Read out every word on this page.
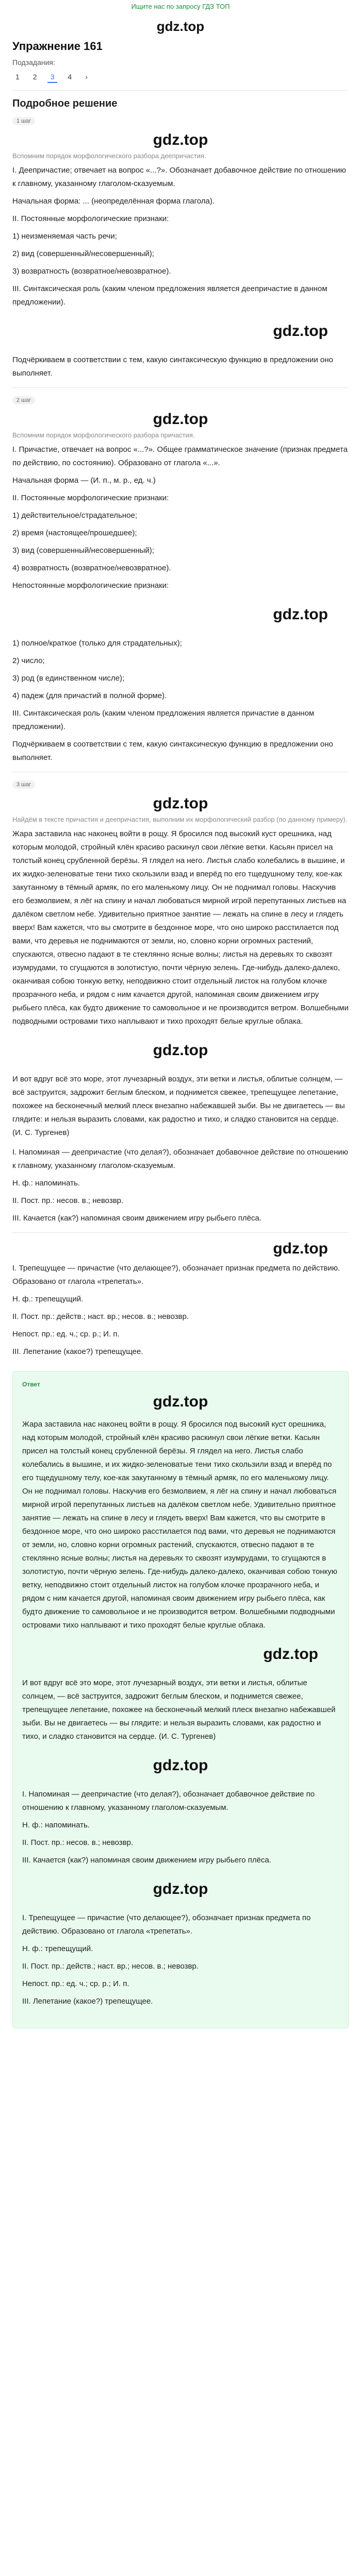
Ищите нас по запросу ГДЗ ТОП
gdz.top
Упражнение 161
Подзадания:
1	2	3	4	›
Подробное решение
1 шаг
gdz.top
Вспомним порядок морфологического разбора деепричастия.
I. Деепричастие; отвечает на вопрос «...?». Обозначает добавочное действие по отношению к главному, указанному глаголом-сказуемым.
Начальная форма: ... (неопределённая форма глагола).
II. Постоянные морфологические признаки:
1) неизменяемая часть речи;
2) вид (совершенный/несовершенный);
3) возвратность (возвратное/невозвратное).
III. Синтаксическая роль (каким членом предложения является деепричастие в данном предложении).
gdz.top
Подчёркиваем в соответствии с тем, какую синтаксическую функцию в предложении оно выполняет.
2 шаг
gdz.top
Вспомним порядок морфологического разбора причастия.
I. Причастие, отвечает на вопрос «...?». Общее грамматическое значение (признак предмета по действию, по состоянию). Образовано от глагола «...».
Начальная форма — (И. п., м. р., ед. ч.)
II. Постоянные морфологические признаки:
1) действительное/страдательное;
2) время (настоящее/прошедшее);
3) вид (совершенный/несовершенный);
4) возвратность (возвратное/невозвратное).
Непостоянные морфологические признаки:
gdz.top
1) полное/краткое (только для страдательных);
2) число;
3) род (в единственном числе);
4) падеж (для причастий в полной форме).
III. Синтаксическая роль (каким членом предложения является причастие в данном предложении).
Подчёркиваем в соответствии с тем, какую синтаксическую функцию в предложении оно выполняет.
3 шаг
gdz.top
Найдём в тексте причастия и деепричастия, выполним их морфологический разбор (по данному примеру).
Жара заставила нас наконец войти в рощу. Я бросился под высокий куст орешника, над которым молодой, стройный клён красиво раскинул свои лёгкие ветки. Касьян присел на толстый конец срубленной берёзы. Я глядел на него. Листья слабо колебались в вышине, и их жидко-зеленоватые тени тихо скользили взад и вперёд по его тщедушному телу, кое-как закутанному в тёмный армяк, по его маленькому лицу. Он не поднимал головы. Наскучив его безмолвием, я лёг на спину и начал любоваться мирной игрой перепутанных листьев на далёком светлом небе. Удивительно приятное занятие — лежать на спине в лесу и глядеть вверх! Вам кажется, что вы смотрите в бездонное море, что оно широко расстилается под вами, что деревья не поднимаются от земли, но, словно корни огромных растений, спускаются, отвесно падают в те стеклянно ясные волны; листья на деревьях то сквозят изумрудами, то сгущаются в золотистую, почти чёрную зелень. Где-нибудь далеко-далеко, оканчивая собою тонкую ветку, неподвижно стоит отдельный листок на голубом клочке прозрачного неба, и рядом с ним качается другой, напоминая своим движением игру рыбьего плёса, как будто движение то самовольное и не производится ветром. Волшебными подводными островами тихо наплывают и тихо проходят белые круглые облака.
gdz.top
И вот вдруг всё это море, этот лучезарный воздух, эти ветки и листья, облитые солнцем, — всё заструится, задрожит беглым блеском, и поднимется свежее, трепещущее лепетание, похожее на бесконечный мелкий плеск внезапно набежавшей зыби. Вы не двигаетесь — вы глядите: и нельзя выразить словами, как радостно и тихо, и сладко становится на сердце. (И. С. Тургенев)
I. Напоминая — деепричастие (что делая?), обозначает добавочное действие по отношению к главному, указанному глаголом-сказуемым.
Н. ф.: напоминать.
II. Пост. пр.: несов. в.; невозвр.
III. Качается (как?) напоминая своим движением игру рыбьего плёса.
gdz.top
I. Трепещущее — причастие (что делающее?), обозначает признак предмета по действию. Образовано от глагола «трепетать».
Н. ф.: трепещущий.
II. Пост. пр.: действ.; наст. вр.; несов. в.; невозвр.
Непост. пр.: ед. ч.; ср. р.; И. п.
III. Лепетание (какое?) трепещущее.
Ответ
gdz.top
Жара заставила нас наконец войти в рощу. Я бросился под высокий куст орешника, над которым молодой, стройный клён красиво раскинул свои лёгкие ветки. Касьян присел на толстый конец срубленной берёзы. Я глядел на него. Листья слабо колебались в вышине, и их жидко-зеленоватые тени тихо скользили взад и вперёд по его тщедушному телу, кое-как закутанному в тёмный армяк, по его маленькому лицу. Он не поднимал головы. Наскучив его безмолвием, я лёг на спину и начал любоваться мирной игрой перепутанных листьев на далёком светлом небе. Удивительно приятное занятие — лежать на спине в лесу и глядеть вверх! Вам кажется, что вы смотрите в бездонное море, что оно широко расстилается под вами, что деревья не поднимаются от земли, но, словно корни огромных растений, спускаются, отвесно падают в те стеклянно ясные волны; листья на деревьях то сквозят изумрудами, то сгущаются в золотистую, почти чёрную зелень. Где-нибудь далеко-далеко, оканчивая собою тонкую ветку, неподвижно стоит отдельный листок на голубом клочке прозрачного неба, и рядом с ним качается другой, напоминая своим движением игру рыбьего плёса, как будто движение то самовольное и не производится ветром. Волшебными подводными островами тихо наплывают и тихо проходят белые круглые облака.
gdz.top
И вот вдруг всё это море, этот лучезарный воздух, эти ветки и листья, облитые солнцем, — всё заструится, задрожит беглым блеском, и поднимется свежее, трепещущее лепетание, похожее на бесконечный мелкий плеск внезапно набежавшей зыби. Вы не двигаетесь — вы глядите: и нельзя выразить словами, как радостно и тихо, и сладко становится на сердце. (И. С. Тургенев)
gdz.top
I. Напоминая — деепричастие (что делая?), обозначает добавочное действие по отношению к главному, указанному глаголом-сказуемым.
Н. ф.: напоминать.
II. Пост. пр.: несов. в.; невозвр.
III. Качается (как?) напоминая своим движением игру рыбьего плёса.
gdz.top
I. Трепещущее — причастие (что делающее?), обозначает признак предмета по действию. Образовано от глагола «трепетать».
Н. ф.: трепещущий.
II. Пост. пр.: действ.; наст. вр.; несов. в.; невозвр.
Непост. пр.: ед. ч.; ср. р.; И. п.
III. Лепетание (какое?) трепещущее.
